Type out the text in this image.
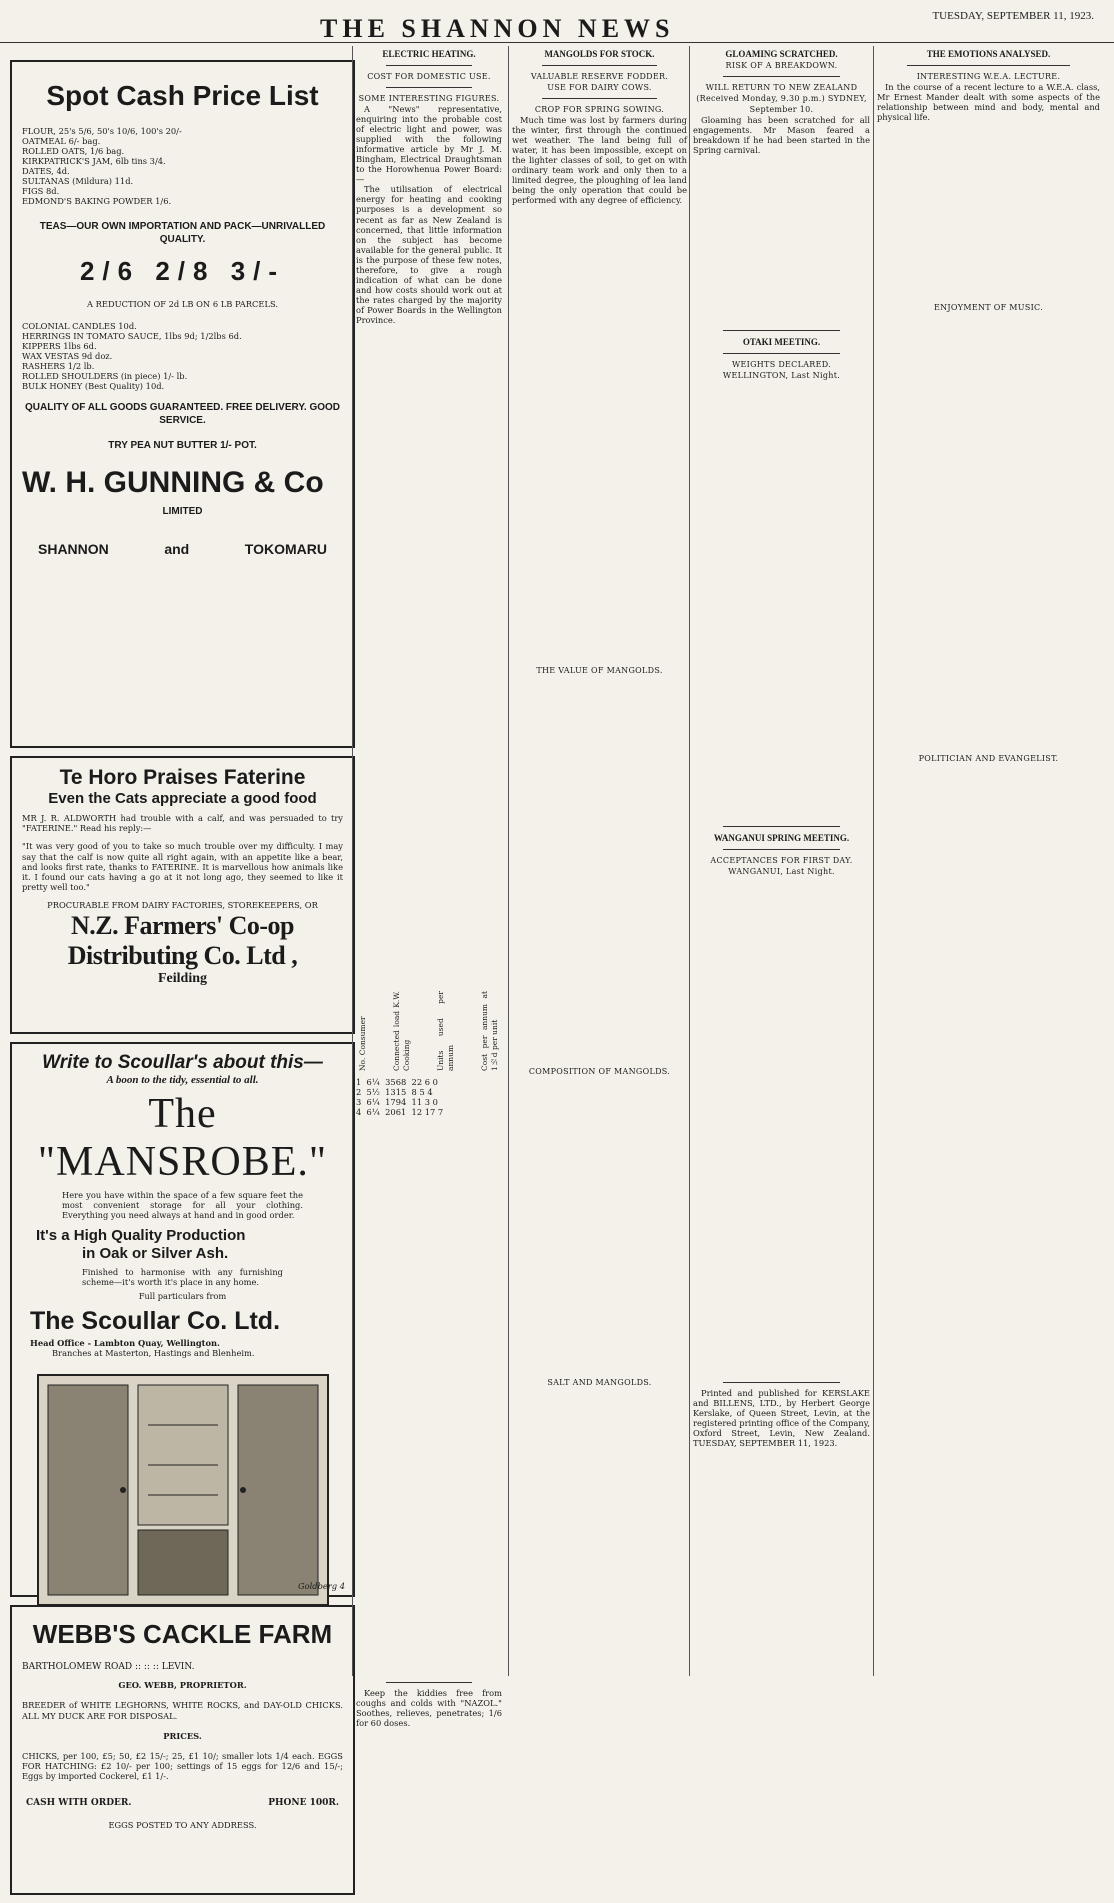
THE SHANNON NEWS	TUESDAY, SEPTEMBER 11, 1923.
Spot Cash Price List

FLOUR, 25's 5/6, 50's 10/6, 100's 20/-

OATMEAL 6/- bag.

ROLLED OATS, 1/6 bag.

KIRKPATRICK'S JAM, 6lb tins 3/4.

DATES, 4d.

SULTANAS (Mildura) 11d.

FIGS 8d.

EDMOND'S BAKING POWDER 1/6.

TEAS—OUR OWN IMPORTATION AND PACK—UNRIVALLED QUALITY.

2/6 2/8 3/-

A REDUCTION OF 2d LB ON 6 LB PARCELS.

COLONIAL CANDLES 10d.

HERRINGS IN TOMATO SAUCE, 1lbs 9d; 1/2lbs 6d.

KIPPERS 1lbs 6d.

WAX VESTAS 9d doz.

RASHERS 1/2 lb.

ROLLED SHOULDERS (in piece) 1/- lb.

BULK HONEY (Best Quality) 10d.

QUALITY OF ALL GOODS GUARANTEED. FREE DELIVERY. GOOD SERVICE.

TRY PEA NUT BUTTER 1/- POT.

W. H. GUNNING & Co
LIMITED
SHANNON	and	TOKOMARU
Te Horo Praises Faterine
Even the Cats appreciate a good food

MR J. R. ALDWORTH had trouble with a calf, and was persuaded to try "FATERINE." Read his reply:—

"It was very good of you to take so much trouble over my difficulty. I may say that the calf is now quite all right again, with an appetite like a bear, and looks first rate, thanks to FATERINE. It is marvellous how animals like it. I found our cats having a go at it not long ago, they seemed to like it pretty well too."

PROCURABLE FROM DAIRY FACTORIES, STOREKEEPERS, OR

N.Z. Farmers' Co-op Distributing Co. Ltd ,
Feilding
Write to Scoullar's about this—
A boon to the tidy, essential to all.
The "MANSROBE."

Here you have within the space of a few square feet the most convenient storage for all your clothing. Everything you need always at hand and in good order.

It's a High Quality Production
in Oak or Silver Ash.

Finished to harmonise with any furnishing scheme—it's worth it's place in any home.

Full particulars from

The Scoullar Co. Ltd.

Head Office - Lambton Quay, Wellington.

Branches at Masterton, Hastings and Blenheim.

Goldberg 4
WEBB'S CACKLE FARM

BARTHOLOMEW ROAD :: :: :: LEVIN.

GEO. WEBB, PROPRIETOR.

BREEDER of WHITE LEGHORNS, WHITE ROCKS, and DAY-OLD CHICKS. ALL MY DUCK ARE FOR DISPOSAL.

PRICES.

CHICKS, per 100, £5; 50, £2 15/-; 25, £1 10/; smaller lots 1/4 each. EGGS FOR HATCHING: £2 10/- per 100; settings of 15 eggs for 12/6 and 15/-; Eggs by imported Cockerel, £1 1/-.

CASH WITH ORDER.	PHONE 100R.

EGGS POSTED TO ANY ADDRESS.

ELECTRIC HEATING.
COST FOR DOMESTIC USE.
SOME INTERESTING FIGURES.

A "News" representative, enquiring into the probable cost of electric light and power, was supplied with the following informative article by Mr J. M. Bingham, Electrical Draughtsman to the Horowhenua Power Board:—

The utilisation of electrical energy for heating and cooking purposes is a development so recent as far as New Zealand is concerned, that little information on the subject has become available for the general public. It is the purpose of these few notes, therefore, to give a rough indication of what can be done and how costs should work out at the rates charged by the majority of Power Boards in the Wellington Province.

No. Consumer	Connected load K.W. Cooking	Units used per annum	Cost per annum at 1½d per unit

1  6¼  3568  22 6 0

2  5½  1315  8 5 4

3  6¼  1794  11 3 0

4  6¼  2061  12 17 7

Keep the kiddies free from coughs and colds with "NAZOL." Soothes, relieves, penetrates; 1/6 for 60 doses.

MANGOLDS FOR STOCK.
VALUABLE RESERVE FODDER.
USE FOR DAIRY COWS.
CROP FOR SPRING SOWING.

Much time was lost by farmers during the winter, first through the continued wet weather. The land being full of water, it has been impossible, except on the lighter classes of soil, to get on with ordinary team work and only then to a limited degree, the ploughing of lea land being the only operation that could be performed with any degree of efficiency.

THE VALUE OF MANGOLDS.
COMPOSITION OF MANGOLDS.
SALT AND MANGOLDS.
GLOAMING SCRATCHED.
RISK OF A BREAKDOWN.
WILL RETURN TO NEW ZEALAND
(Received Monday, 9.30 p.m.) SYDNEY, September 10.

Gloaming has been scratched for all engagements. Mr Mason feared a breakdown if he had been started in the Spring carnival.

OTAKI MEETING.
WEIGHTS DECLARED.
WELLINGTON, Last Night.
WANGANUI SPRING MEETING.
ACCEPTANCES FOR FIRST DAY.
WANGANUI, Last Night.

Printed and published for KERSLAKE and BILLENS, LTD., by Herbert George Kerslake, of Queen Street, Levin, at the registered printing office of the Company, Oxford Street, Levin, New Zealand. TUESDAY, SEPTEMBER 11, 1923.

THE EMOTIONS ANALYSED.
INTERESTING W.E.A. LECTURE.

In the course of a recent lecture to a W.E.A. class, Mr Ernest Mander dealt with some aspects of the relationship between mind and body, mental and physical life.

ENJOYMENT OF MUSIC.
POLITICIAN AND EVANGELIST.
